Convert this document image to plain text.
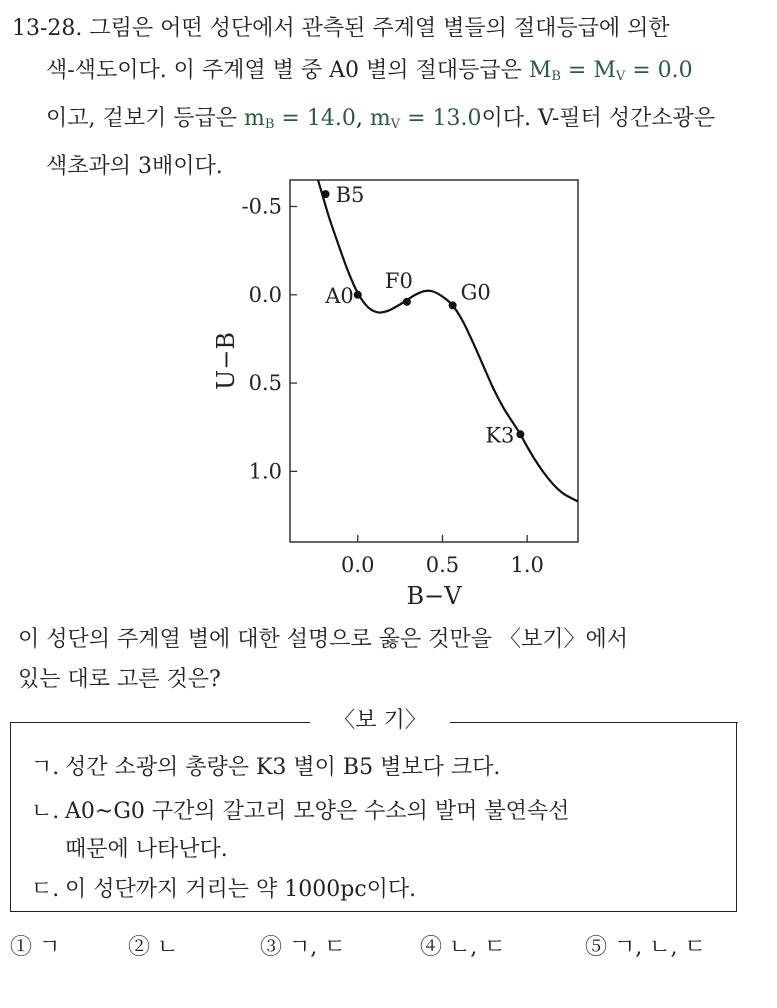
13-28. 그림은 어떤 성단에서 관측된 주계열 별들의 절대등급에 의한
색-색도이다. 이 주계열 별 중 A0 별의 절대등급은 $M_B = M_V = 0.0$
이고, 겉보기 등급은 $m_B = 14.0$, $m_V = 13.0$이다. V-필터 성간소광은
색초과의 3배이다.
0.0 0.5 1.0
-0.5
0.0
0.5
1.0
B−V
U−B
B5
A0
F0 G0
K3
이 성단의 주계열 별에 대한 설명으로 옳은 것만을 〈보기〉에서
있는 대로 고른 것은?
ㄱ. 성간 소광의 총량은 K3 별이 B5 별보다 크다.
ㄴ. A0~G0 구간의 갈고리 모양은 수소의 발머 불연속선
때문에 나타난다.
ㄷ. 이 성단까지 거리는 약 1000pc이다.
〈보 기〉
① ㄱ	② ㄴ	③ ㄱ, ㄷ	④ ㄴ, ㄷ	⑤ ㄱ, ㄴ, ㄷ
